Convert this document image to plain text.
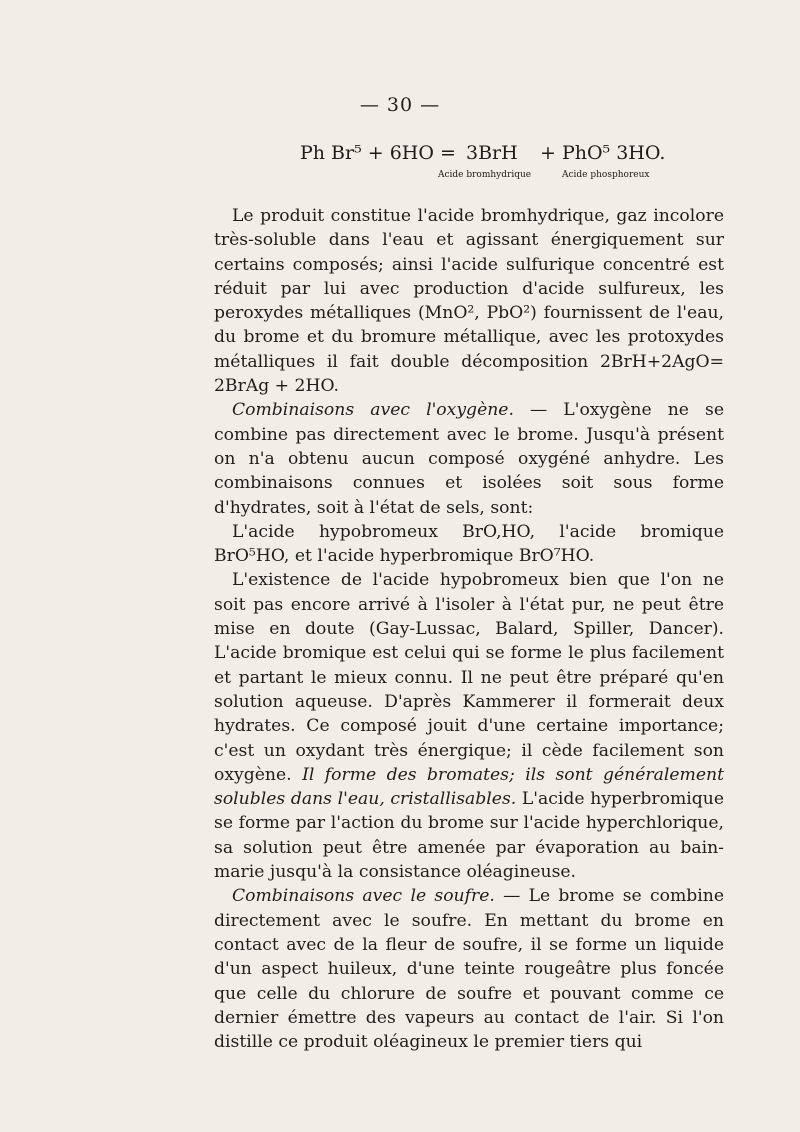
— 30 —
Ph Br⁵ + 6HO = 3BrH + PhO⁵ 3HO.
Acide bromhydrique	Acide phosphoreux

Le produit constitue l'acide bromhydrique, gaz incolore très-soluble dans l'eau et agissant énergiquement sur certains composés; ainsi l'acide sulfurique concentré est réduit par lui avec production d'acide sulfureux, les peroxydes métalliques (MnO², PbO²) fournissent de l'eau, du brome et du bromure métallique, avec les protoxydes métalliques il fait double décomposition 2BrH+2AgO= 2BrAg + 2HO.

Combinaisons avec l'oxygène. — L'oxygène ne se combine pas directement avec le brome. Jusqu'à présent on n'a obtenu aucun composé oxygéné anhydre. Les combinaisons connues et isolées soit sous forme d'hydrates, soit à l'état de sels, sont:

L'acide hypobromeux BrO,HO, l'acide bromique BrO⁵HO, et l'acide hyperbromique BrO⁷HO.

L'existence de l'acide hypobromeux bien que l'on ne soit pas encore arrivé à l'isoler à l'état pur, ne peut être mise en doute (Gay-Lussac, Balard, Spiller, Dancer). L'acide bromique est celui qui se forme le plus facilement et partant le mieux connu. Il ne peut être préparé qu'en solution aqueuse. D'après Kammerer il formerait deux hydrates. Ce composé jouit d'une certaine importance; c'est un oxydant très énergique; il cède facilement son oxygène. Il forme des bromates; ils sont généralement solubles dans l'eau, cristallisables. L'acide hyperbromique se forme par l'action du brome sur l'acide hyperchlorique, sa solution peut être amenée par évaporation au bain-marie jusqu'à la consistance oléagineuse.

Combinaisons avec le soufre. — Le brome se combine directement avec le soufre. En mettant du brome en contact avec de la fleur de soufre, il se forme un liquide d'un aspect huileux, d'une teinte rougeâtre plus foncée que celle du chlorure de soufre et pouvant comme ce dernier émettre des vapeurs au contact de l'air. Si l'on distille ce produit oléagineux le premier tiers qui
